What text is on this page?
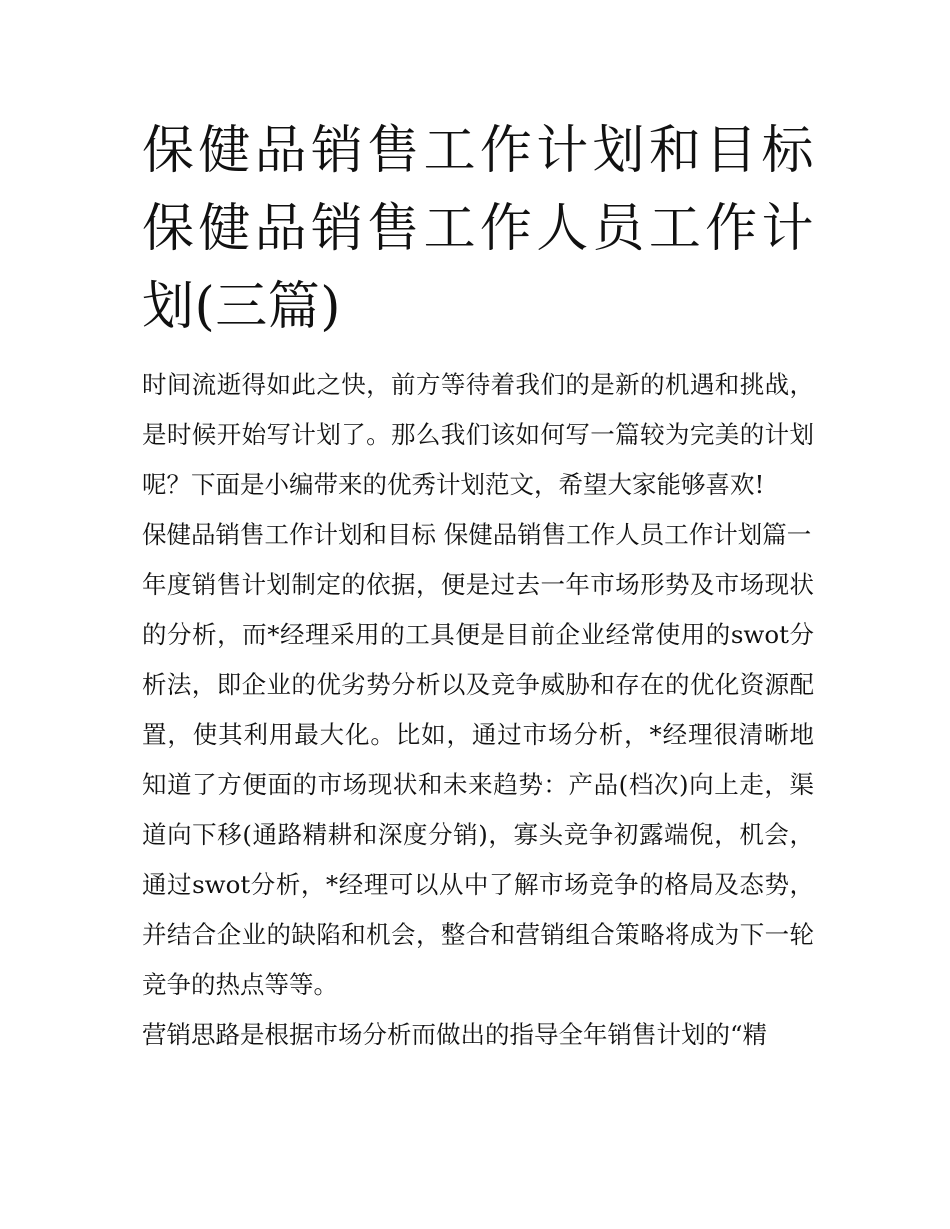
保健品销售工作计划和目标 保健品销售工作人员工作计划(三篇)

时间流逝得如此之快，前方等待着我们的是新的机遇和挑战，是时候开始写计划了。那么我们该如何写一篇较为完美的计划呢？下面是小编带来的优秀计划范文，希望大家能够喜欢!

保健品销售工作计划和目标 保健品销售工作人员工作计划篇一

年度销售计划制定的依据，便是过去一年市场形势及市场现状的分析，而*经理采用的工具便是目前企业经常使用的swot分析法，即企业的优劣势分析以及竞争威胁和存在的优化资源配置，使其利用最大化。比如，通过市场分析，*经理很清晰地知道了方便面的市场现状和未来趋势：产品(档次)向上走，渠道向下移(通路精耕和深度分销)，寡头竞争初露端倪，机会，通过swot分析，*经理可以从中了解市场竞争的格局及态势，并结合企业的缺陷和机会，整合和营销组合策略将成为下一轮竞争的热点等等。

营销思路是根据市场分析而做出的指导全年销售计划的“精
